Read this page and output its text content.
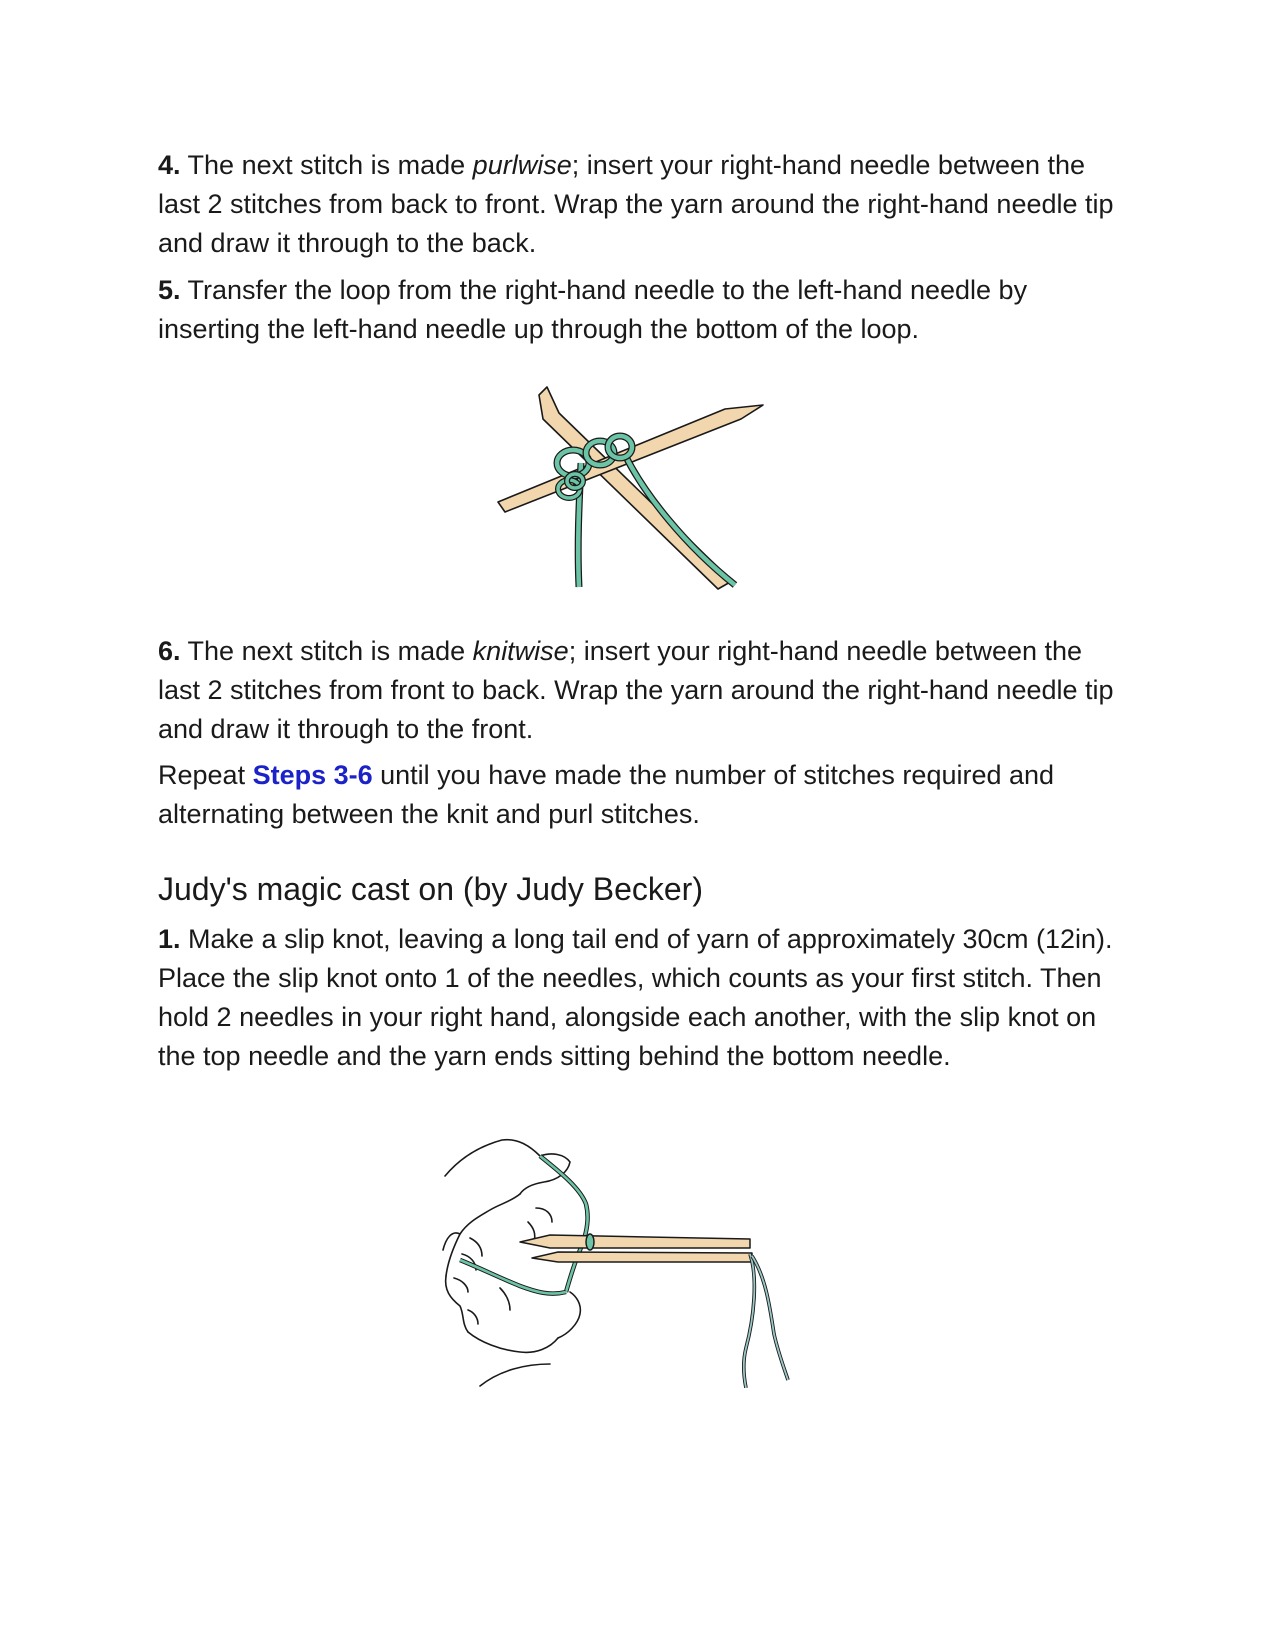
4. The next stitch is made purlwise; insert your right-hand needle between the last 2 stitches from back to front. Wrap the yarn around the right-hand needle tip and draw it through to the back.

5. Transfer the loop from the right-hand needle to the left-hand needle by inserting the left-hand needle up through the bottom of the loop.

6. The next stitch is made knitwise; insert your right-hand needle between the last 2 stitches from front to back. Wrap the yarn around the right-hand needle tip and draw it through to the front.

Repeat Steps 3-6 until you have made the number of stitches required and alternating between the knit and purl stitches.

Judy's magic cast on (by Judy Becker)

1. Make a slip knot, leaving a long tail end of yarn of approximately 30cm (12in). Place the slip knot onto 1 of the needles, which counts as your first stitch. Then hold 2 needles in your right hand, alongside each another, with the slip knot on the top needle and the yarn ends sitting behind the bottom needle.
